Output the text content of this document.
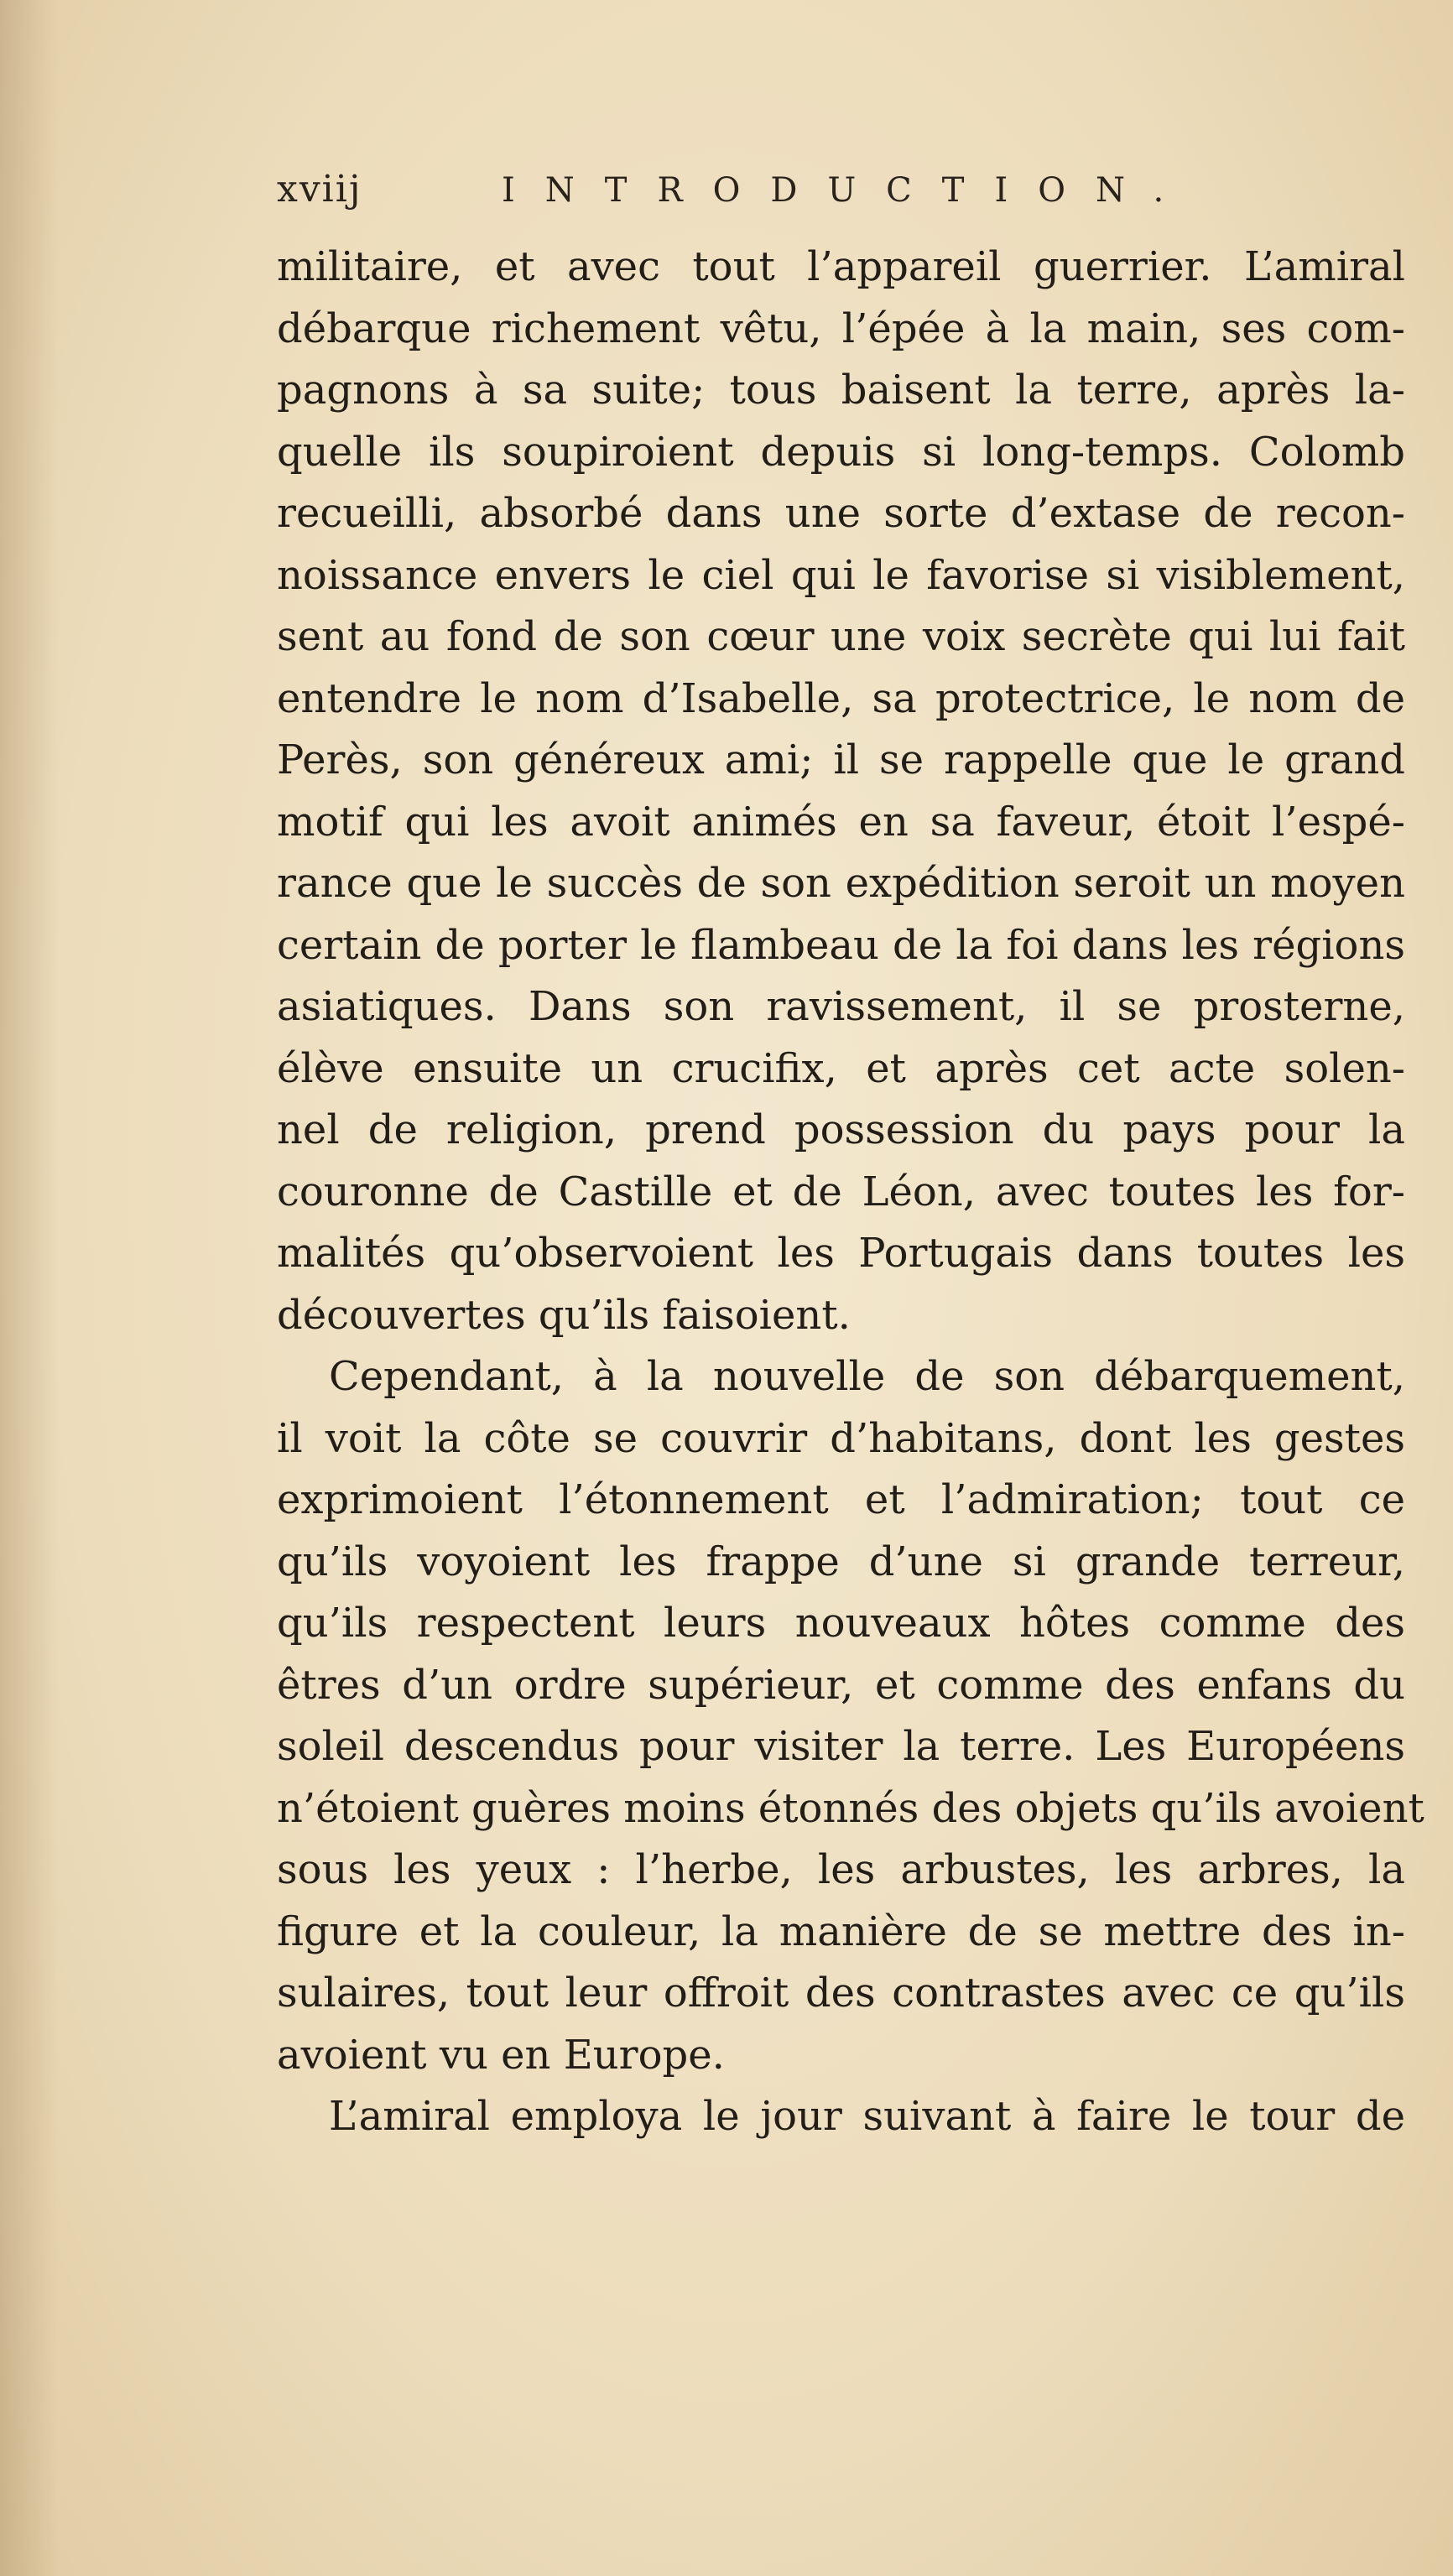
xviij	INTRODUCTION.
militaire, et avec tout l’appareil guerrier. L’amiral
débarque richement vêtu, l’épée à la main, ses com-
pagnons à sa suite; tous baisent la terre, après la-
quelle ils soupiroient depuis si long-temps. Colomb
recueilli, absorbé dans une sorte d’extase de recon-
noissance envers le ciel qui le favorise si visiblement,
sent au fond de son cœur une voix secrète qui lui fait
entendre le nom d’Isabelle, sa protectrice, le nom de
Perès, son généreux ami; il se rappelle que le grand
motif qui les avoit animés en sa faveur, étoit l’espé-
rance que le succès de son expédition seroit un moyen
certain de porter le flambeau de la foi dans les régions
asiatiques. Dans son ravissement, il se prosterne,
élève ensuite un crucifix, et après cet acte solen-
nel de religion, prend possession du pays pour la
couronne de Castille et de Léon, avec toutes les for-
malités qu’observoient les Portugais dans toutes les
découvertes qu’ils faisoient.
Cependant, à la nouvelle de son débarquement,
il voit la côte se couvrir d’habitans, dont les gestes
exprimoient l’étonnement et l’admiration; tout ce
qu’ils voyoient les frappe d’une si grande terreur,
qu’ils respectent leurs nouveaux hôtes comme des
êtres d’un ordre supérieur, et comme des enfans du
soleil descendus pour visiter la terre. Les Européens
n’étoient guères moins étonnés des objets qu’ils avoient
sous les yeux : l’herbe, les arbustes, les arbres, la
figure et la couleur, la manière de se mettre des in-
sulaires, tout leur offroit des contrastes avec ce qu’ils
avoient vu en Europe.
L’amiral employa le jour suivant à faire le tour de
